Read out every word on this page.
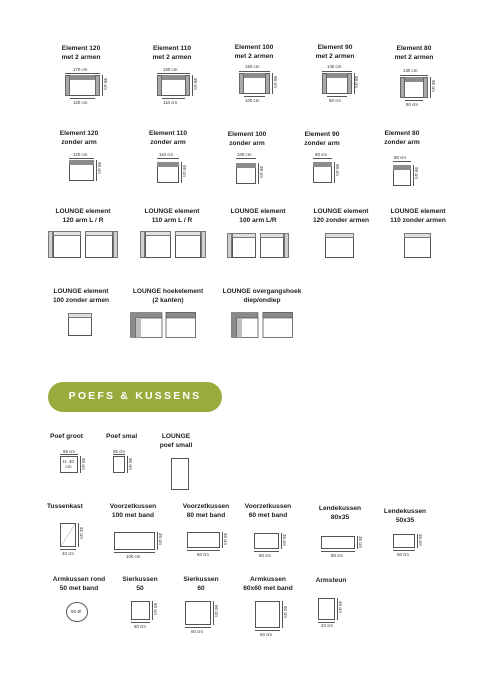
Element 120
met 2 armen
170 cm
98 cm
120 cm
Element 110
met 2 armen
160 cm
98 cm
110 cm
Element 100
met 2 armen
150 cm
98 cm
100 cm
Element 90
met 2 armen
140 cm
98 cm
90 cm
Element 80
met 2 armen
130 cm
98 cm
80 cm
Element 120
zonder arm
120 cm
98 cm
Element 110
zonder arm
110 cm
98 cm
Element 100
zonder arm
100 cm
98 cm
Element 90
zonder arm
90 cm
98 cm
Element 80
zonder arm
80 cm
98 cm
LOUNGE element
120 arm L / R
LOUNGE element
110 arm L / R
LOUNGE element
100 arm L/R
LOUNGE element
120 zonder armen
LOUNGE element
110 zonder armen
LOUNGE element
100 zonder armen
LOUNGE hoekelement
(2 kanten)
LOUNGE overgangshoek
diep/ondiep
POEFS & KUSSENS
Poef groot
98 cm
H. 40
cm	95 cm
Poef smal
65 cm
95 cm
LOUNGE
poef small
Tussenkast
92 cm
40 cm
Voorzetkussen
100 met band
35 cm
100 cm
Voorzetkussen
80 met band
35 cm
80 cm
Voorzetkussen
60 met band
35 cm
60 cm
Lendekussen
80x35
35 cm
80 cm
Lendekussen
50x35
35 cm
50 cm
Armkussen rond
50 met band
50 Ø
Sierkussen
50
50 cm
50 cm
Sierkussen
60
60 cm
60 cm
Armkussen
60x60 met band
60 cm
60 cm
Armsteun
46 cm
22 cm
